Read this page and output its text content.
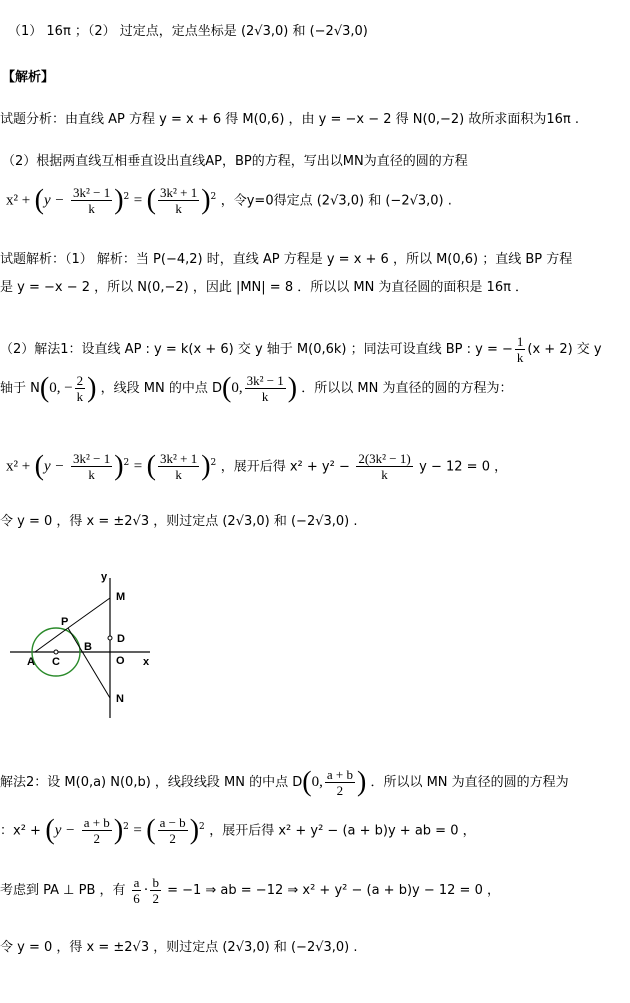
（1） 16π ；（2） 过定点，定点坐标是 (2√3,0) 和 (−2√3,0)
【解析】
试题分析：由直线 AP 方程 y = x + 6 得 M(0,6) ，由 y = −x − 2 得 N(0,−2) 故所求面积为16π .
（2）根据两直线互相垂直设出直线AP，BP的方程，写出以MN为直径的圆的方程
$x^2 + (y - \frac{\text{3k² − 1}}{k} )^2$ = ( $\frac{\text{3k² + 1}}{k} )^2$ ，令y=0得定点 (2√3,0) 和 (−2√3,0) .
试题解析：（1） 解析：当 P(−4,2) 时，直线 AP 方程是 y = x + 6 ，所以 M(0,6) ；直线 BP 方程
是 y = −x − 2 ，所以 N(0,−2) ，因此 |MN| = 8 ．所以以 MN 为直径圆的面积是 16π ．
（2）解法1：设直线 AP : y = k(x + 6) 交 y 轴于 M(0,6k) ；同法可设直线 BP : y = − $\frac{1}{k} (x + 2)$ 交 y
轴于 N(0, − $\frac{2}{k}$ ) ，线段 MN 的中点 D(0, $\frac{\text{3k² − 1}}{k}$ ) ．所以以 MN 为直径的圆的方程为：
$x^2 + (y - \frac{\text{3k² − 1}}{k} )^2$ = ( $\frac{\text{3k² + 1}}{k} )^2$ ，展开后得 $x^2 + y^2 - \frac{\text{2(3k² − 1)}}{k}$ y − 12 = 0 ，
令 y = 0 ，得 x = ±2√3 ，则过定点 (2√3,0) 和 (−2√3,0) .
y
x
M
N
P
A
B
C
D
O
解法2：设 M(0,a) N(0,b) ，线段线段 MN 的中点 D(0, $\frac{a + b}{2}$ ) ．所以以 MN 为直径的圆的方程为
：$x^2 + (y - \frac{a + b}{2} )^2$ = ( $\frac{a - b}{2} )^2$ ，展开后得 x² + y² − (a + b)y + ab = 0 ，
考虑到 PA ⊥ PB ，有 $\frac{a}{6} \cdot \frac{b}{2} = -1$ ⇒ ab = −12 ⇒ x² + y² − (a + b)y − 12 = 0 ，
令 y = 0 ，得 x = ±2√3 ，则过定点 (2√3,0) 和 (−2√3,0) .
